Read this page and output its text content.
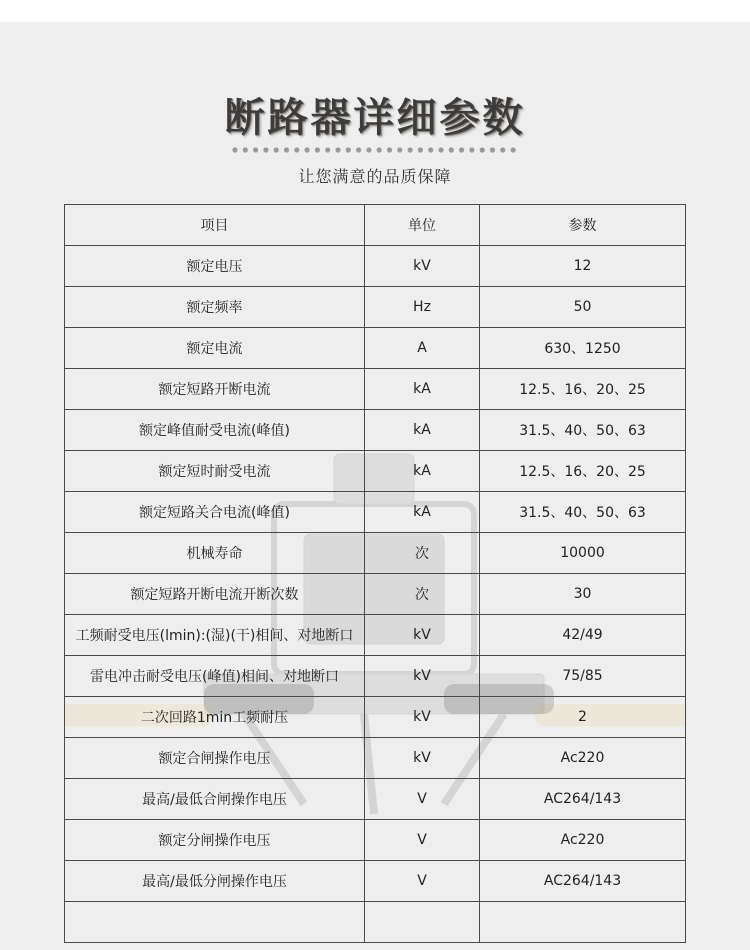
断路器详细参数
让您满意的品质保障
项目	单位	参数
额定电压	kV	12
额定频率	Hz	50
额定电流	A	630、1250
额定短路开断电流	kA	12.5、16、20、25
额定峰值耐受电流(峰值)	kA	31.5、40、50、63
额定短时耐受电流	kA	12.5、16、20、25
额定短路关合电流(峰值)	kA	31.5、40、50、63
机械寿命	次	10000
额定短路开断电流开断次数	次	30
工频耐受电压(lmin):(湿)(干)相间、对地断口	kV	42/49
雷电冲击耐受电压(峰值)相间、对地断口	kV	75/85
二次回路1min工频耐压	kV	2
额定合闸操作电压	kV	Ac220
最高/最低合闸操作电压	V	AC264/143
额定分闸操作电压	V	Ac220
最高/最低分闸操作电压	V	AC264/143
